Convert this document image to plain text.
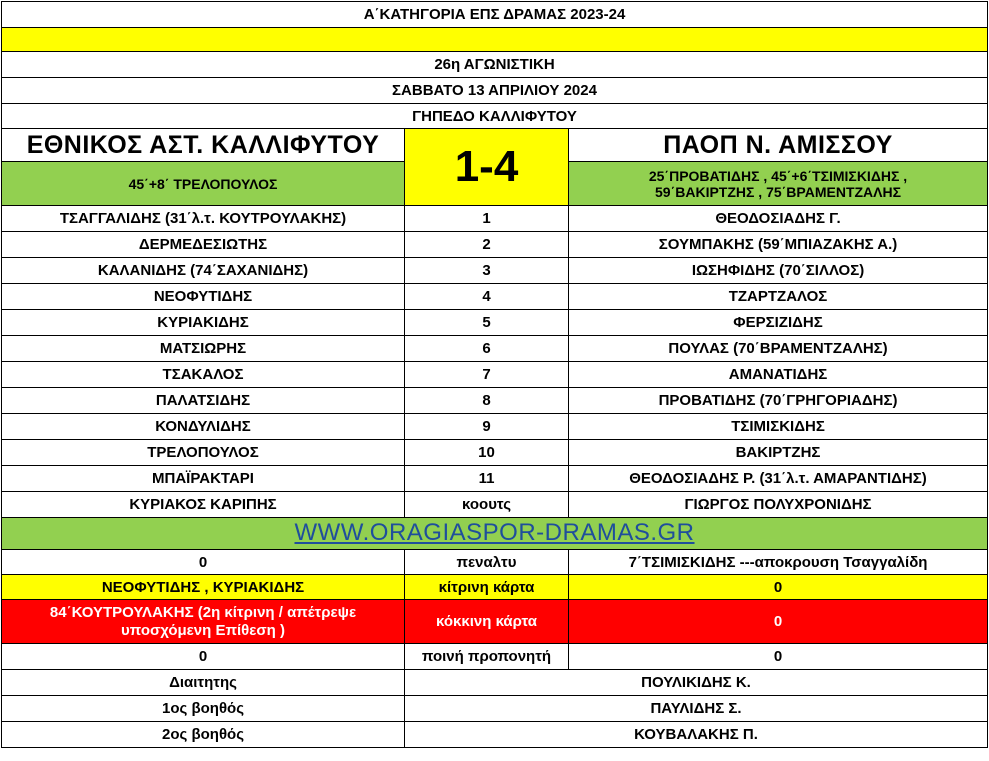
Α΄ΚΑΤΗΓΟΡΙΑ ΕΠΣ ΔΡΑΜΑΣ 2023-24		

26η ΑΓΩΝΙΣΤΙΚΗ		
ΣΑΒΒΑΤΟ 13 ΑΠΡΙΛΙΟΥ 2024		
ΓΗΠΕΔΟ ΚΑΛΛΙΦΥΤΟΥ		
ΕΘΝΙΚΟΣ ΑΣΤ. ΚΑΛΛΙΦΥΤΟΥ	1-4	ΠΑΟΠ Ν. ΑΜΙΣΣΟΥ
45΄+8΄ ΤΡΕΛΟΠΟΥΛΟΣ		25΄ΠΡΟΒΑΤΙΔΗΣ , 45΄+6΄ΤΣΙΜΙΣΚΙΔΗΣ ,
59΄ΒΑΚΙΡΤΖΗΣ , 75΄ΒΡΑΜΕΝΤΖΑΛΗΣ

ΤΣΑΓΓΑΛΙΔΗΣ (31΄λ.τ. ΚΟΥΤΡΟΥΛΑΚΗΣ)	1	ΘΕΟΔΟΣΙΑΔΗΣ Γ.
ΔΕΡΜΕΔΕΣΙΩΤΗΣ	2	ΣΟΥΜΠΑΚΗΣ (59΄ΜΠΙΑΖΑΚΗΣ Α.)
ΚΑΛΑΝΙΔΗΣ (74΄ΣΑΧΑΝΙΔΗΣ)	3	ΙΩΣΗΦΙΔΗΣ (70΄ΣΙΛΛΟΣ)
ΝΕΟΦΥΤΙΔΗΣ	4	ΤΖΑΡΤΖΑΛΟΣ
ΚΥΡΙΑΚΙΔΗΣ	5	ΦΕΡΣΙΖΙΔΗΣ
ΜΑΤΣΙΩΡΗΣ	6	ΠΟΥΛΑΣ (70΄ΒΡΑΜΕΝΤΖΑΛΗΣ)
ΤΣΑΚΑΛΟΣ	7	ΑΜΑΝΑΤΙΔΗΣ
ΠΑΛΑΤΣΙΔΗΣ	8	ΠΡΟΒΑΤΙΔΗΣ (70΄ΓΡΗΓΟΡΙΑΔΗΣ)
ΚΟΝΔΥΛΙΔΗΣ	9	ΤΣΙΜΙΣΚΙΔΗΣ
ΤΡΕΛΟΠΟΥΛΟΣ	10	ΒΑΚΙΡΤΖΗΣ
ΜΠΑΪΡΑΚΤΑΡΙ	11	ΘΕΟΔΟΣΙΑΔΗΣ Ρ. (31΄λ.τ. ΑΜΑΡΑΝΤΙΔΗΣ)
ΚΥΡΙΑΚΟΣ ΚΑΡΙΠΗΣ	κοουτς	ΓΙΩΡΓΟΣ ΠΟΛΥΧΡΟΝΙΔΗΣ
WWW.ORAGIASPOR-DRAMAS.GR		
0	πεναλτυ	7΄ΤΣΙΜΙΣΚΙΔΗΣ ---αποκρουση Τσαγγαλίδη
ΝΕΟΦΥΤΙΔΗΣ , ΚΥΡΙΑΚΙΔΗΣ	κίτρινη κάρτα	0

84΄ΚΟΥΤΡΟΥΛΑΚΗΣ (2η κίτρινη / απέτρεψε
υποσχόμενη Επίθεση )	κόκκινη κάρτα	0
0	ποινή προπονητή	0
Διαιτητης	ΠΟΥΛΙΚΙΔΗΣ Κ.	
1ος βοηθός	ΠΑΥΛΙΔΗΣ Σ.	
2ος βοηθός	ΚΟΥΒΑΛΑΚΗΣ Π.	
